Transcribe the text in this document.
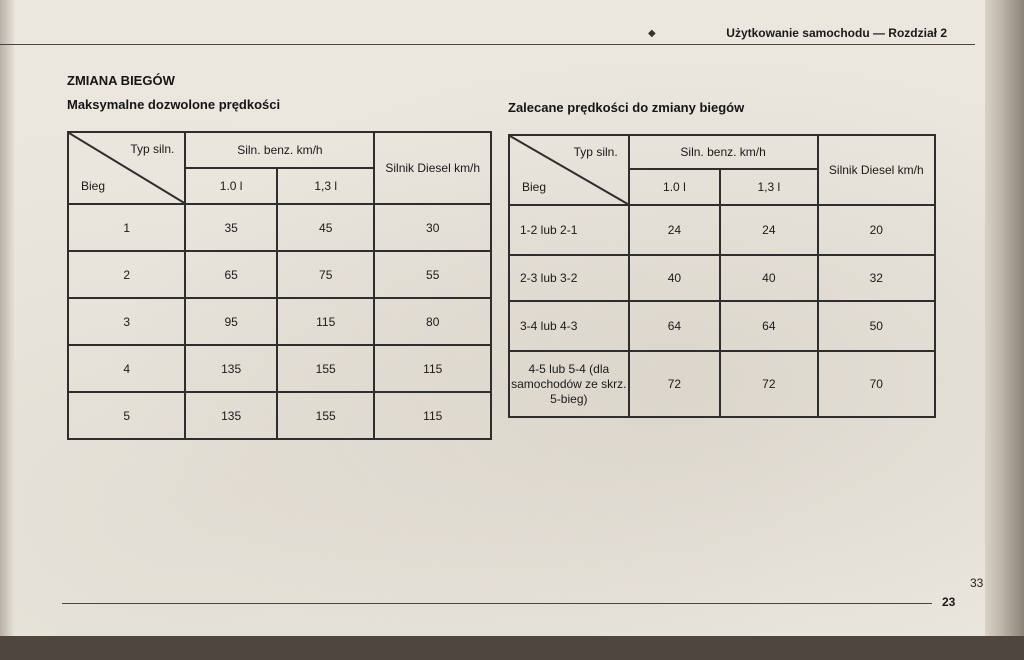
◆	Użytkowanie samochodu — Rozdział 2
ZMIANA BIEGÓW
Maksymalne dozwolone prędkości	Zalecane prędkości do zmiany biegów
Typ siln.
Bieg	Siln. benz. km/h		Silnik Diesel km/h
	1.0 l	1,3 l	
1	35	45	30
2	65	75	55
3	95	115	80
4	135	155	115
5	135	155	115
Typ siln.
Bieg	Siln. benz. km/h		Silnik Diesel km/h
	1.0 l	1,3 l	
1-2 lub 2-1	24	24	20
2-3 lub 3-2	40	40	32
3-4 lub 4-3	64	64	50
4-5 lub 5-4 (dla samochodów ze skrz. 5-bieg)	72	72	70
23
33
